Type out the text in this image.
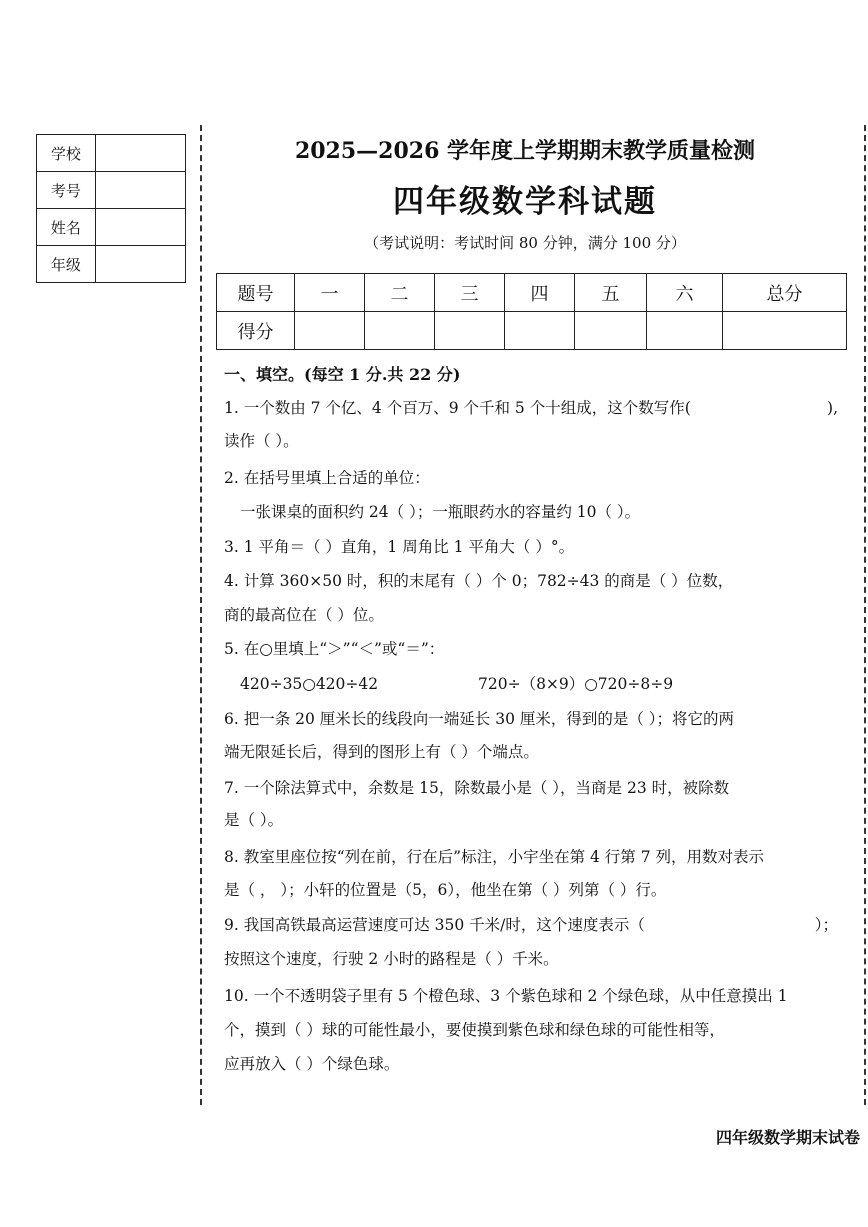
学校	
考号	
姓名	
年级	
2025—2026 学年度上学期期末教学质量检测
四年级数学科试题
（考试说明：考试时间 80 分钟，满分 100 分）
题号	一	二	三	四	五	六	总分
得分							
一、填空。(每空 1 分.共 22 分)
1. 一个数由 7 个亿、4 个百万、9 个千和 5 个十组成，这个数写作(	),
读作（ ）。
2. 在括号里填上合适的单位：
一张课桌的面积约 24（ ）；一瓶眼药水的容量约 10（ ）。
3. 1 平角＝（ ）直角，1 周角比 1 平角大（ ）°。
4. 计算 360×50 时，积的末尾有（ ）个 0；782÷43 的商是（ ）位数，
商的最高位在（ ）位。
5. 在○里填上“＞”“＜”或“＝”：
420÷35○420÷42	720÷（8×9）○720÷8÷9
6. 把一条 20 厘米长的线段向一端延长 30 厘米，得到的是（ ）；将它的两
端无限延长后，得到的图形上有（ ）个端点。
7. 一个除法算式中，余数是 15，除数最小是（ ），当商是 23 时，被除数
是（ ）。
8. 教室里座位按“列在前，行在后”标注，小宇坐在第 4 行第 7 列，用数对表示
是（ ， ）；小轩的位置是（5，6），他坐在第（ ）列第（ ）行。
9. 我国高铁最高运营速度可达 350 千米/时，这个速度表示（	）；
按照这个速度，行驶 2 小时的路程是（ ）千米。
10. 一个不透明袋子里有 5 个橙色球、3 个紫色球和 2 个绿色球，从中任意摸出 1
个，摸到（ ）球的可能性最小，要使摸到紫色球和绿色球的可能性相等，
应再放入（ ）个绿色球。
四年级数学期末试卷
